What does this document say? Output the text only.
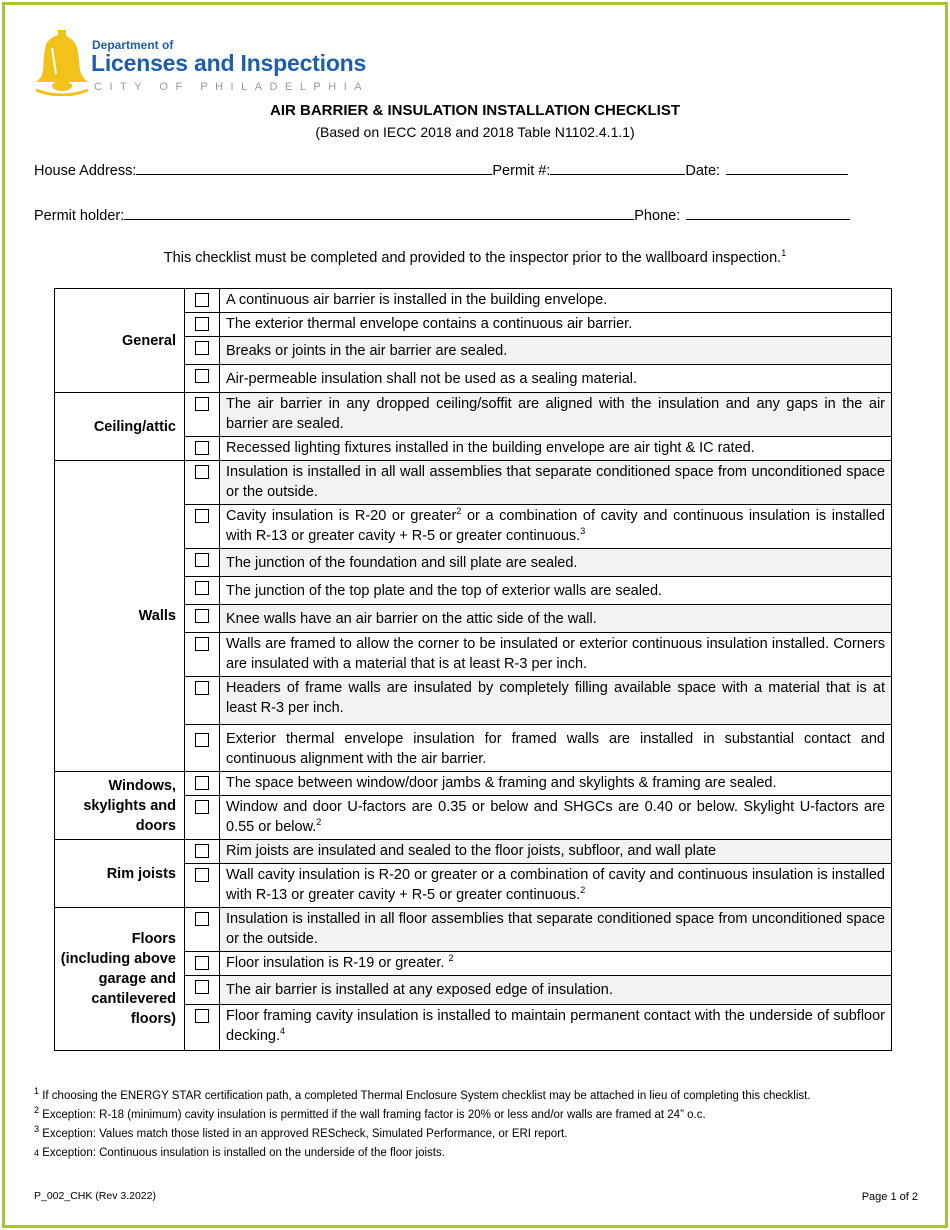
Department of
Licenses and Inspections
CITY OF PHILADELPHIA
AIR BARRIER & INSULATION INSTALLATION CHECKLIST
(Based on IECC 2018 and 2018 Table N1102.4.1.1)
House Address:	Permit #:	Date:
Permit holder:	Phone:
This checklist must be completed and provided to the inspector prior to the wallboard inspection.$^1$
General		A continuous air barrier is installed in the building envelope.
		The exterior thermal envelope contains a continuous air barrier.
		Breaks or joints in the air barrier are sealed.
		Air-permeable insulation shall not be used as a sealing material.
Ceiling/attic		The air barrier in any dropped ceiling/soffit are aligned with the insulation and any gaps in the air barrier are sealed.
		Recessed lighting fixtures installed in the building envelope are air tight & IC rated.
Walls		Insulation is installed in all wall assemblies that separate conditioned space from unconditioned space or the outside.
		Cavity insulation is R-20 or greater$^2$ or a combination of cavity and continuous insulation is installed with R-13 or greater cavity + R-5 or greater continuous.$^3$
		The junction of the foundation and sill plate are sealed.
		The junction of the top plate and the top of exterior walls are sealed.
		Knee walls have an air barrier on the attic side of the wall.
		Walls are framed to allow the corner to be insulated or exterior continuous insulation installed. Corners are insulated with a material that is at least R-3 per inch.
		Headers of frame walls are insulated by completely filling available space with a material that is at least R-3 per inch.
		Exterior thermal envelope insulation for framed walls are installed in substantial contact and continuous alignment with the air barrier.
Windows, skylights and doors		The space between window/door jambs & framing and skylights & framing are sealed.
		Window and door U-factors are 0.35 or below and SHGCs are 0.40 or below. Skylight U-factors are 0.55 or below.$^2$
Rim joists		Rim joists are insulated and sealed to the floor joists, subfloor, and wall plate
		Wall cavity insulation is R-20 or greater or a combination of cavity and continuous insulation is installed with R-13 or greater cavity + R-5 or greater continuous.$^2$
Floors (including above garage and cantilevered floors)		Insulation is installed in all floor assemblies that separate conditioned space from unconditioned space or the outside.
		Floor insulation is R-19 or greater. $^2$
		The air barrier is installed at any exposed edge of insulation.
		Floor framing cavity insulation is installed to maintain permanent contact with the underside of subfloor decking.$^4$
$^1$ If choosing the ENERGY STAR certification path, a completed Thermal Enclosure System checklist may be attached in lieu of completing this checklist.
$^2$ Exception: R-18 (minimum) cavity insulation is permitted if the wall framing factor is 20% or less and/or walls are framed at 24” o.c.
$^3$ Exception: Values match those listed in an approved REScheck, Simulated Performance, or ERI report.
4 Exception: Continuous insulation is installed on the underside of the floor joists.
P_002_CHK (Rev 3.2022)	Page 1 of 2
